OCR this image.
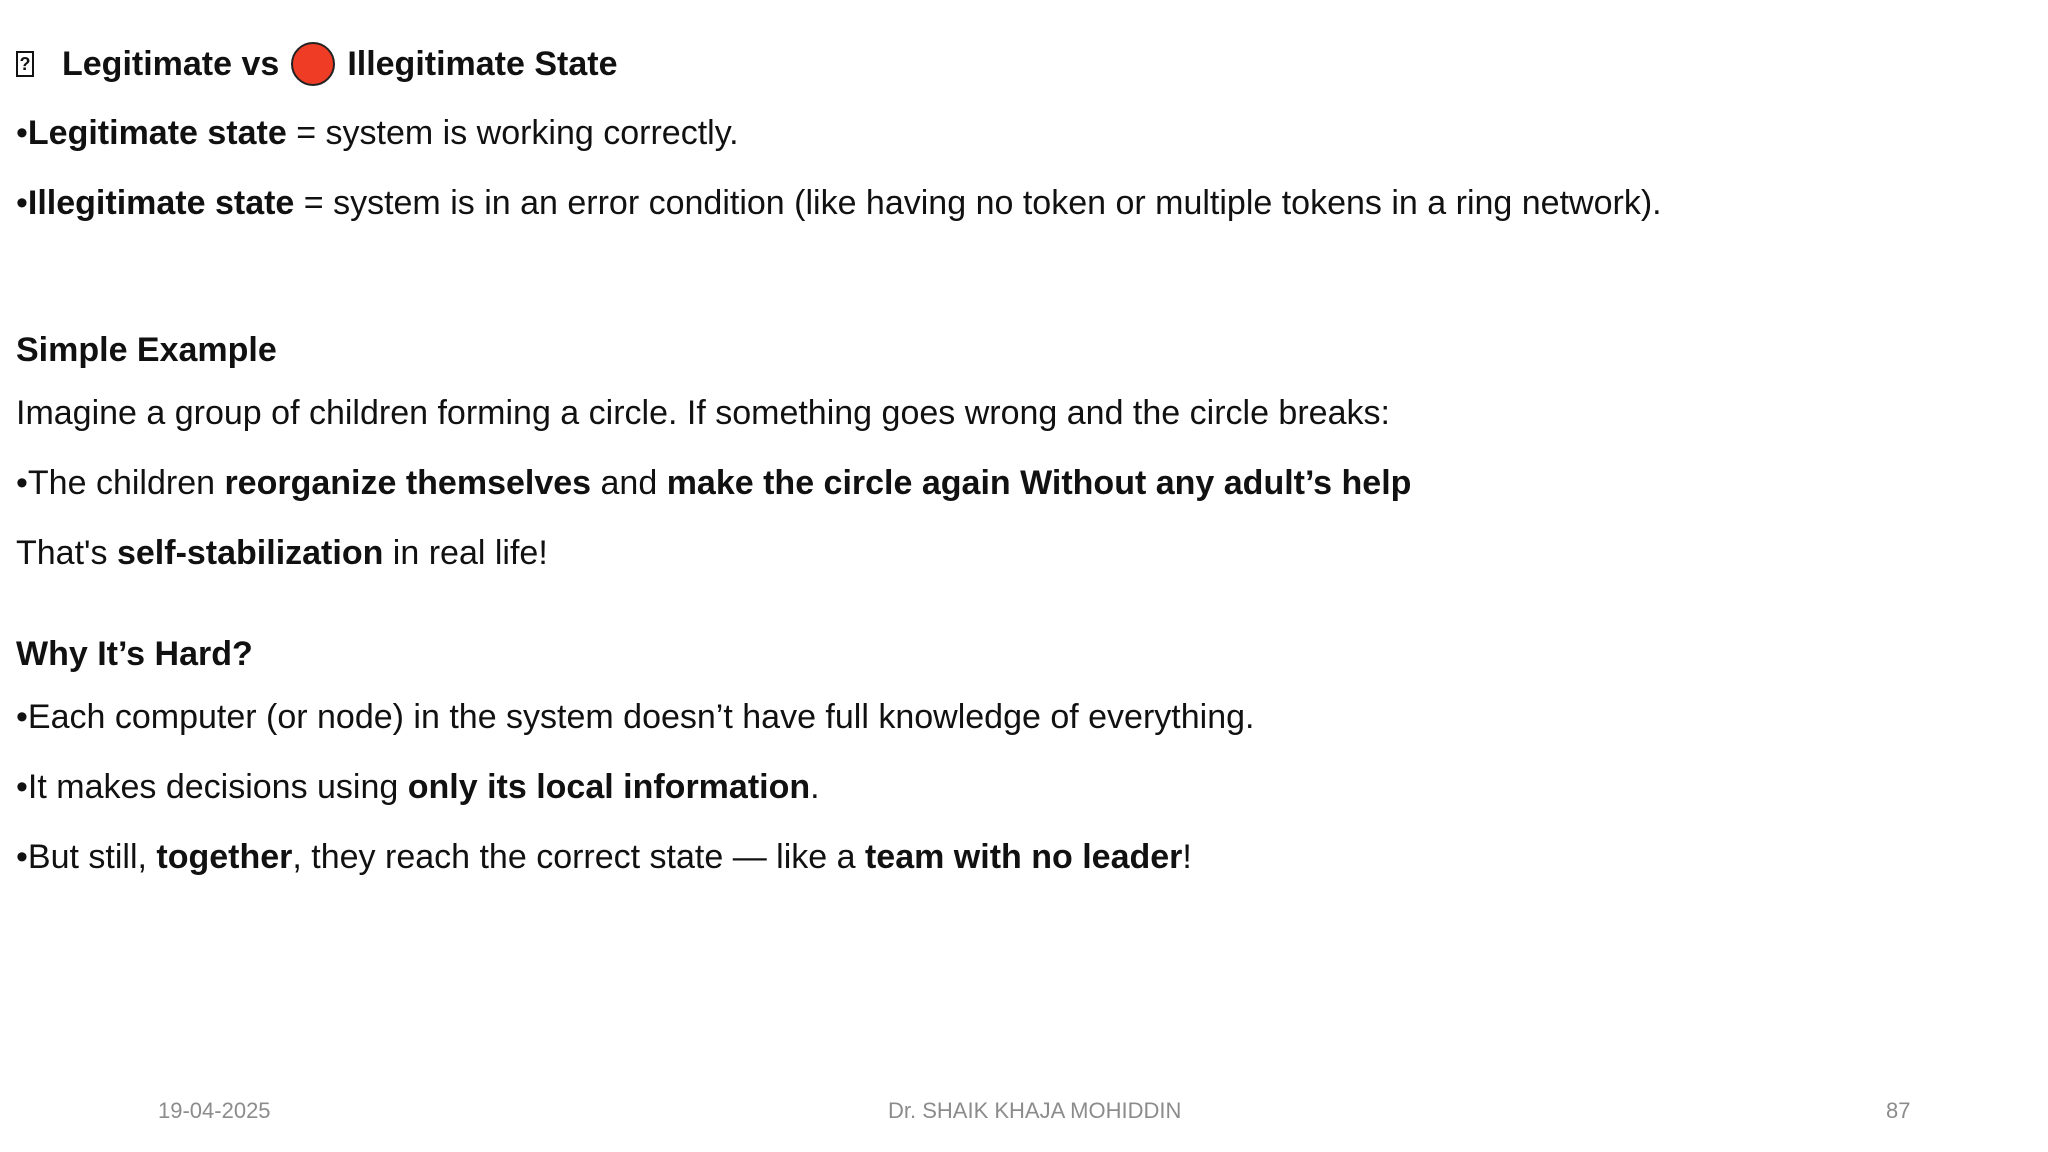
? Legitimate vs Illegitimate State
•Legitimate state = system is working correctly.
•Illegitimate state = system is in an error condition (like having no token or multiple tokens in a ring network).
Simple Example
Imagine a group of children forming a circle. If something goes wrong and the circle breaks:
•The children reorganize themselves and make the circle again Without any adult’s help
That's self-stabilization in real life!
Why It’s Hard?
•Each computer (or node) in the system doesn’t have full knowledge of everything.
•It makes decisions using only its local information.
•But still, together, they reach the correct state — like a team with no leader!
19-04-2025	Dr. SHAIK KHAJA MOHIDDIN	87
